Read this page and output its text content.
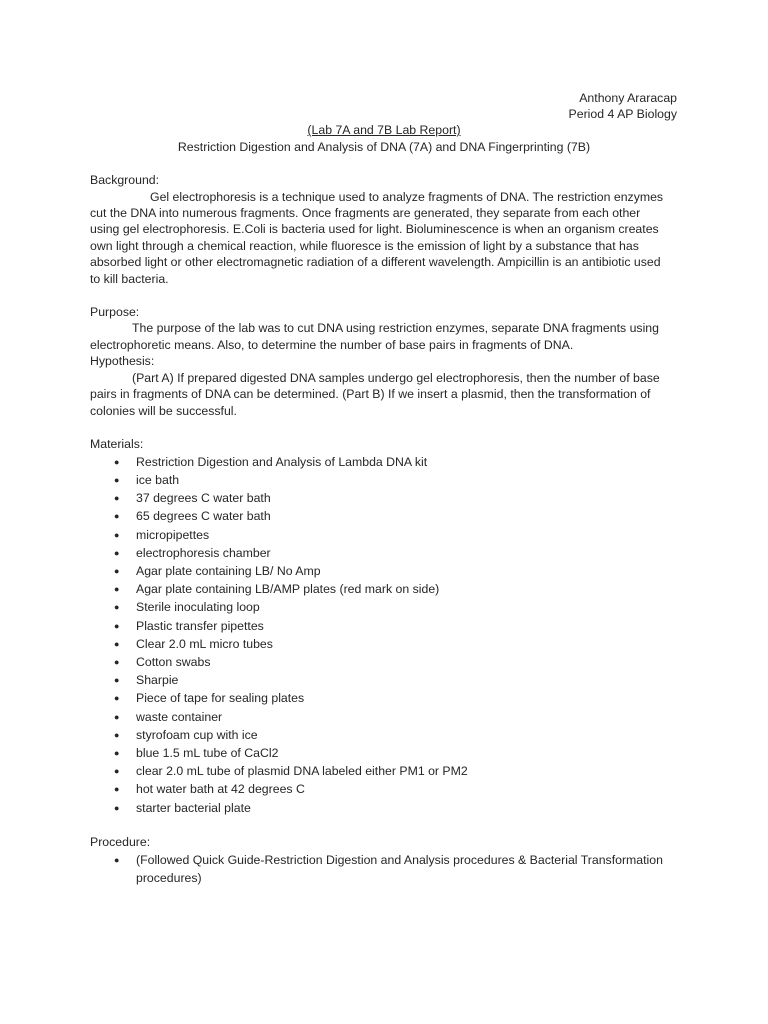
Anthony Araracap
Period 4 AP Biology
(Lab 7A and 7B Lab Report)
Restriction Digestion and Analysis of DNA (7A) and DNA Fingerprinting (7B)
Background:
Gel electrophoresis is a technique used to analyze fragments of DNA. The restriction enzymes
cut the DNA into numerous fragments. Once fragments are generated, they separate from each other
using gel electrophoresis. E.Coli is bacteria used for light. Bioluminescence is when an organism creates
own light through a chemical reaction, while fluoresce is the emission of light by a substance that has
absorbed light or other electromagnetic radiation of a different wavelength. Ampicillin is an antibiotic used
to kill bacteria.
Purpose:
The purpose of the lab was to cut DNA using restriction enzymes, separate DNA fragments using
electrophoretic means. Also, to determine the number of base pairs in fragments of DNA.
Hypothesis:
(Part A) If prepared digested DNA samples undergo gel electrophoresis, then the number of base
pairs in fragments of DNA can be determined. (Part B) If we insert a plasmid, then the transformation of
colonies will be successful.
Materials:
● Restriction Digestion and Analysis of Lambda DNA kit
● ice bath
● 37 degrees C water bath
● 65 degrees C water bath
● micropipettes
● electrophoresis chamber
● Agar plate containing LB/ No Amp
● Agar plate containing LB/AMP plates (red mark on side)
● Sterile inoculating loop
● Plastic transfer pipettes
● Clear 2.0 mL micro tubes
● Cotton swabs
● Sharpie
● Piece of tape for sealing plates
● waste container
● styrofoam cup with ice
● blue 1.5 mL tube of CaCl2
● clear 2.0 mL tube of plasmid DNA labeled either PM1 or PM2
● hot water bath at 42 degrees C
● starter bacterial plate
Procedure:
● (Followed Quick Guide-Restriction Digestion and Analysis procedures & Bacterial Transformation
procedures)
